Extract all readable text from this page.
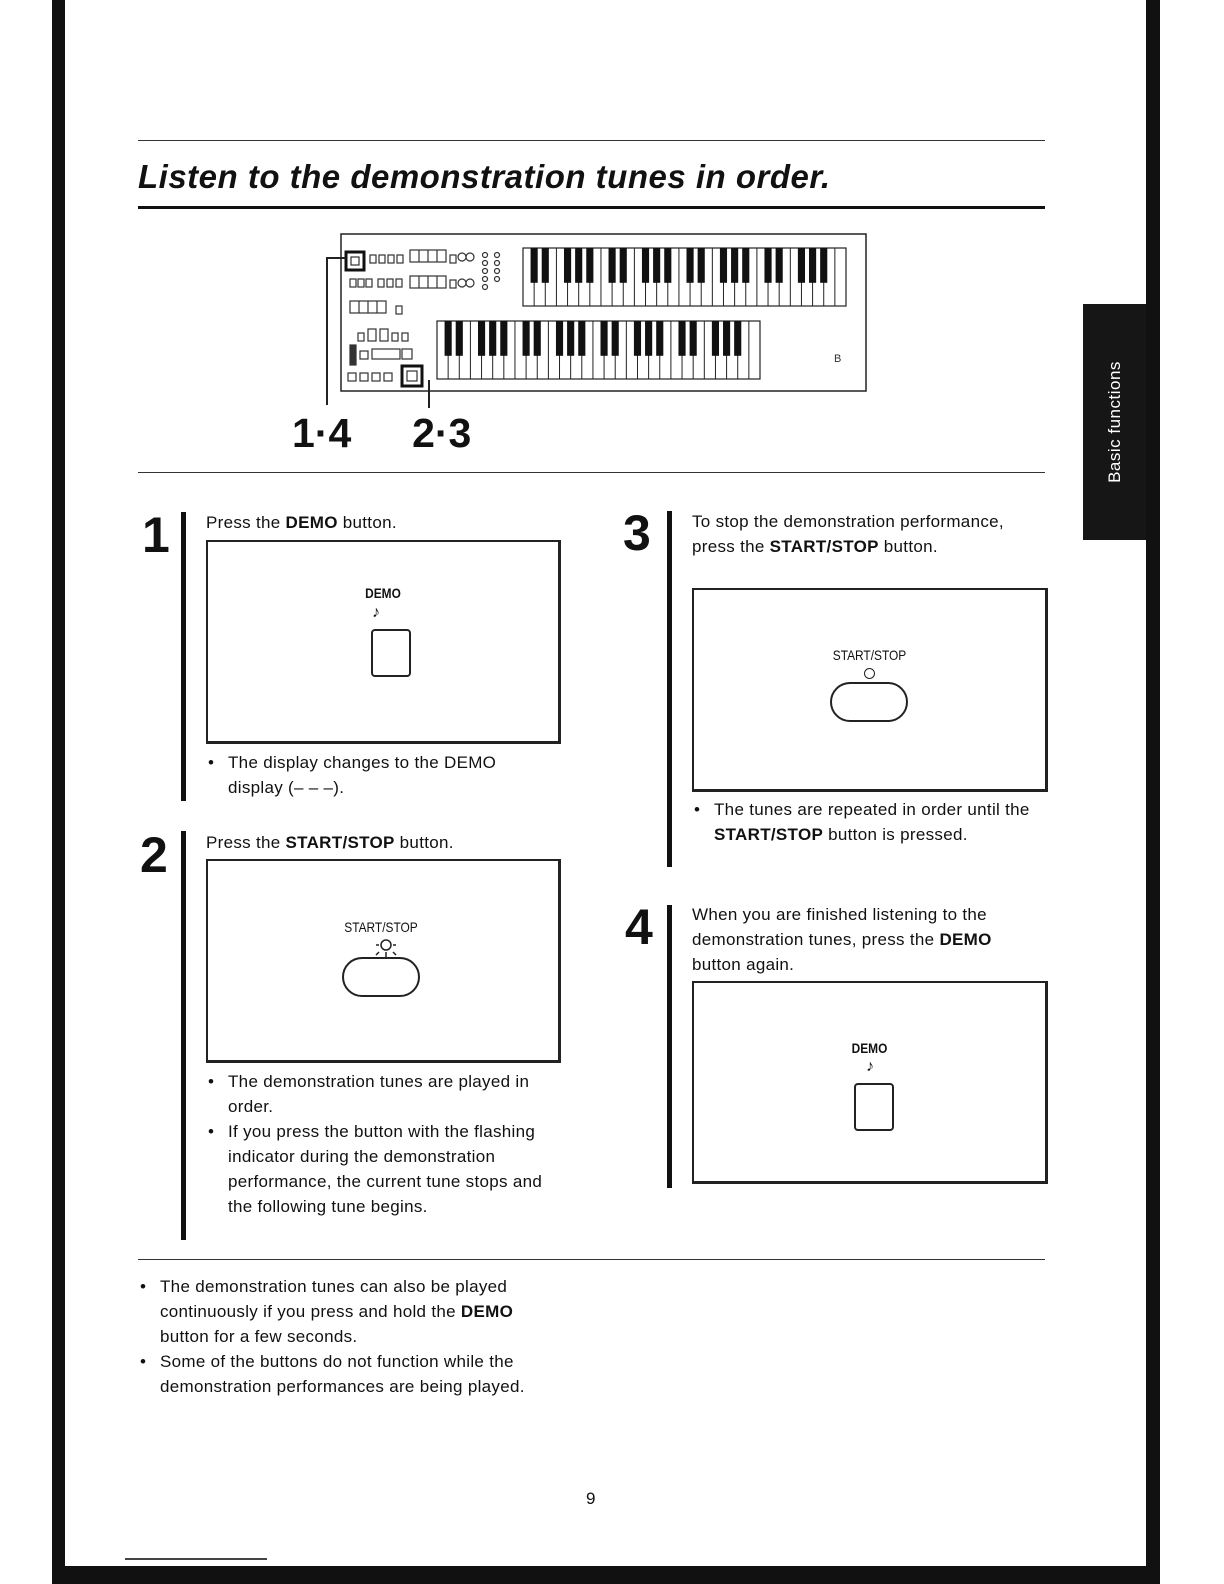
Listen to the demonstration tunes in order.
Basic functions
B
1·4 2·3
1 Press the DEMO button.
DEMO
♪
• The display changes to the DEMO display (– – –).
2 Press the START/STOP button.
START/STOP
• The demonstration tunes are played in order.
• If you press the button with the flashing indicator during the demonstration performance, the current tune stops and the following tune begins.
3 To stop the demonstration performance, press the START/STOP button.
START/STOP
• The tunes are repeated in order until the START/STOP button is pressed.
4 When you are finished listening to the demonstration tunes, press the DEMO button again.
DEMO
♪
• The demonstration tunes can also be played continuously if you press and hold the DEMO button for a few seconds.
• Some of the buttons do not function while the demonstration performances are being played.
9
